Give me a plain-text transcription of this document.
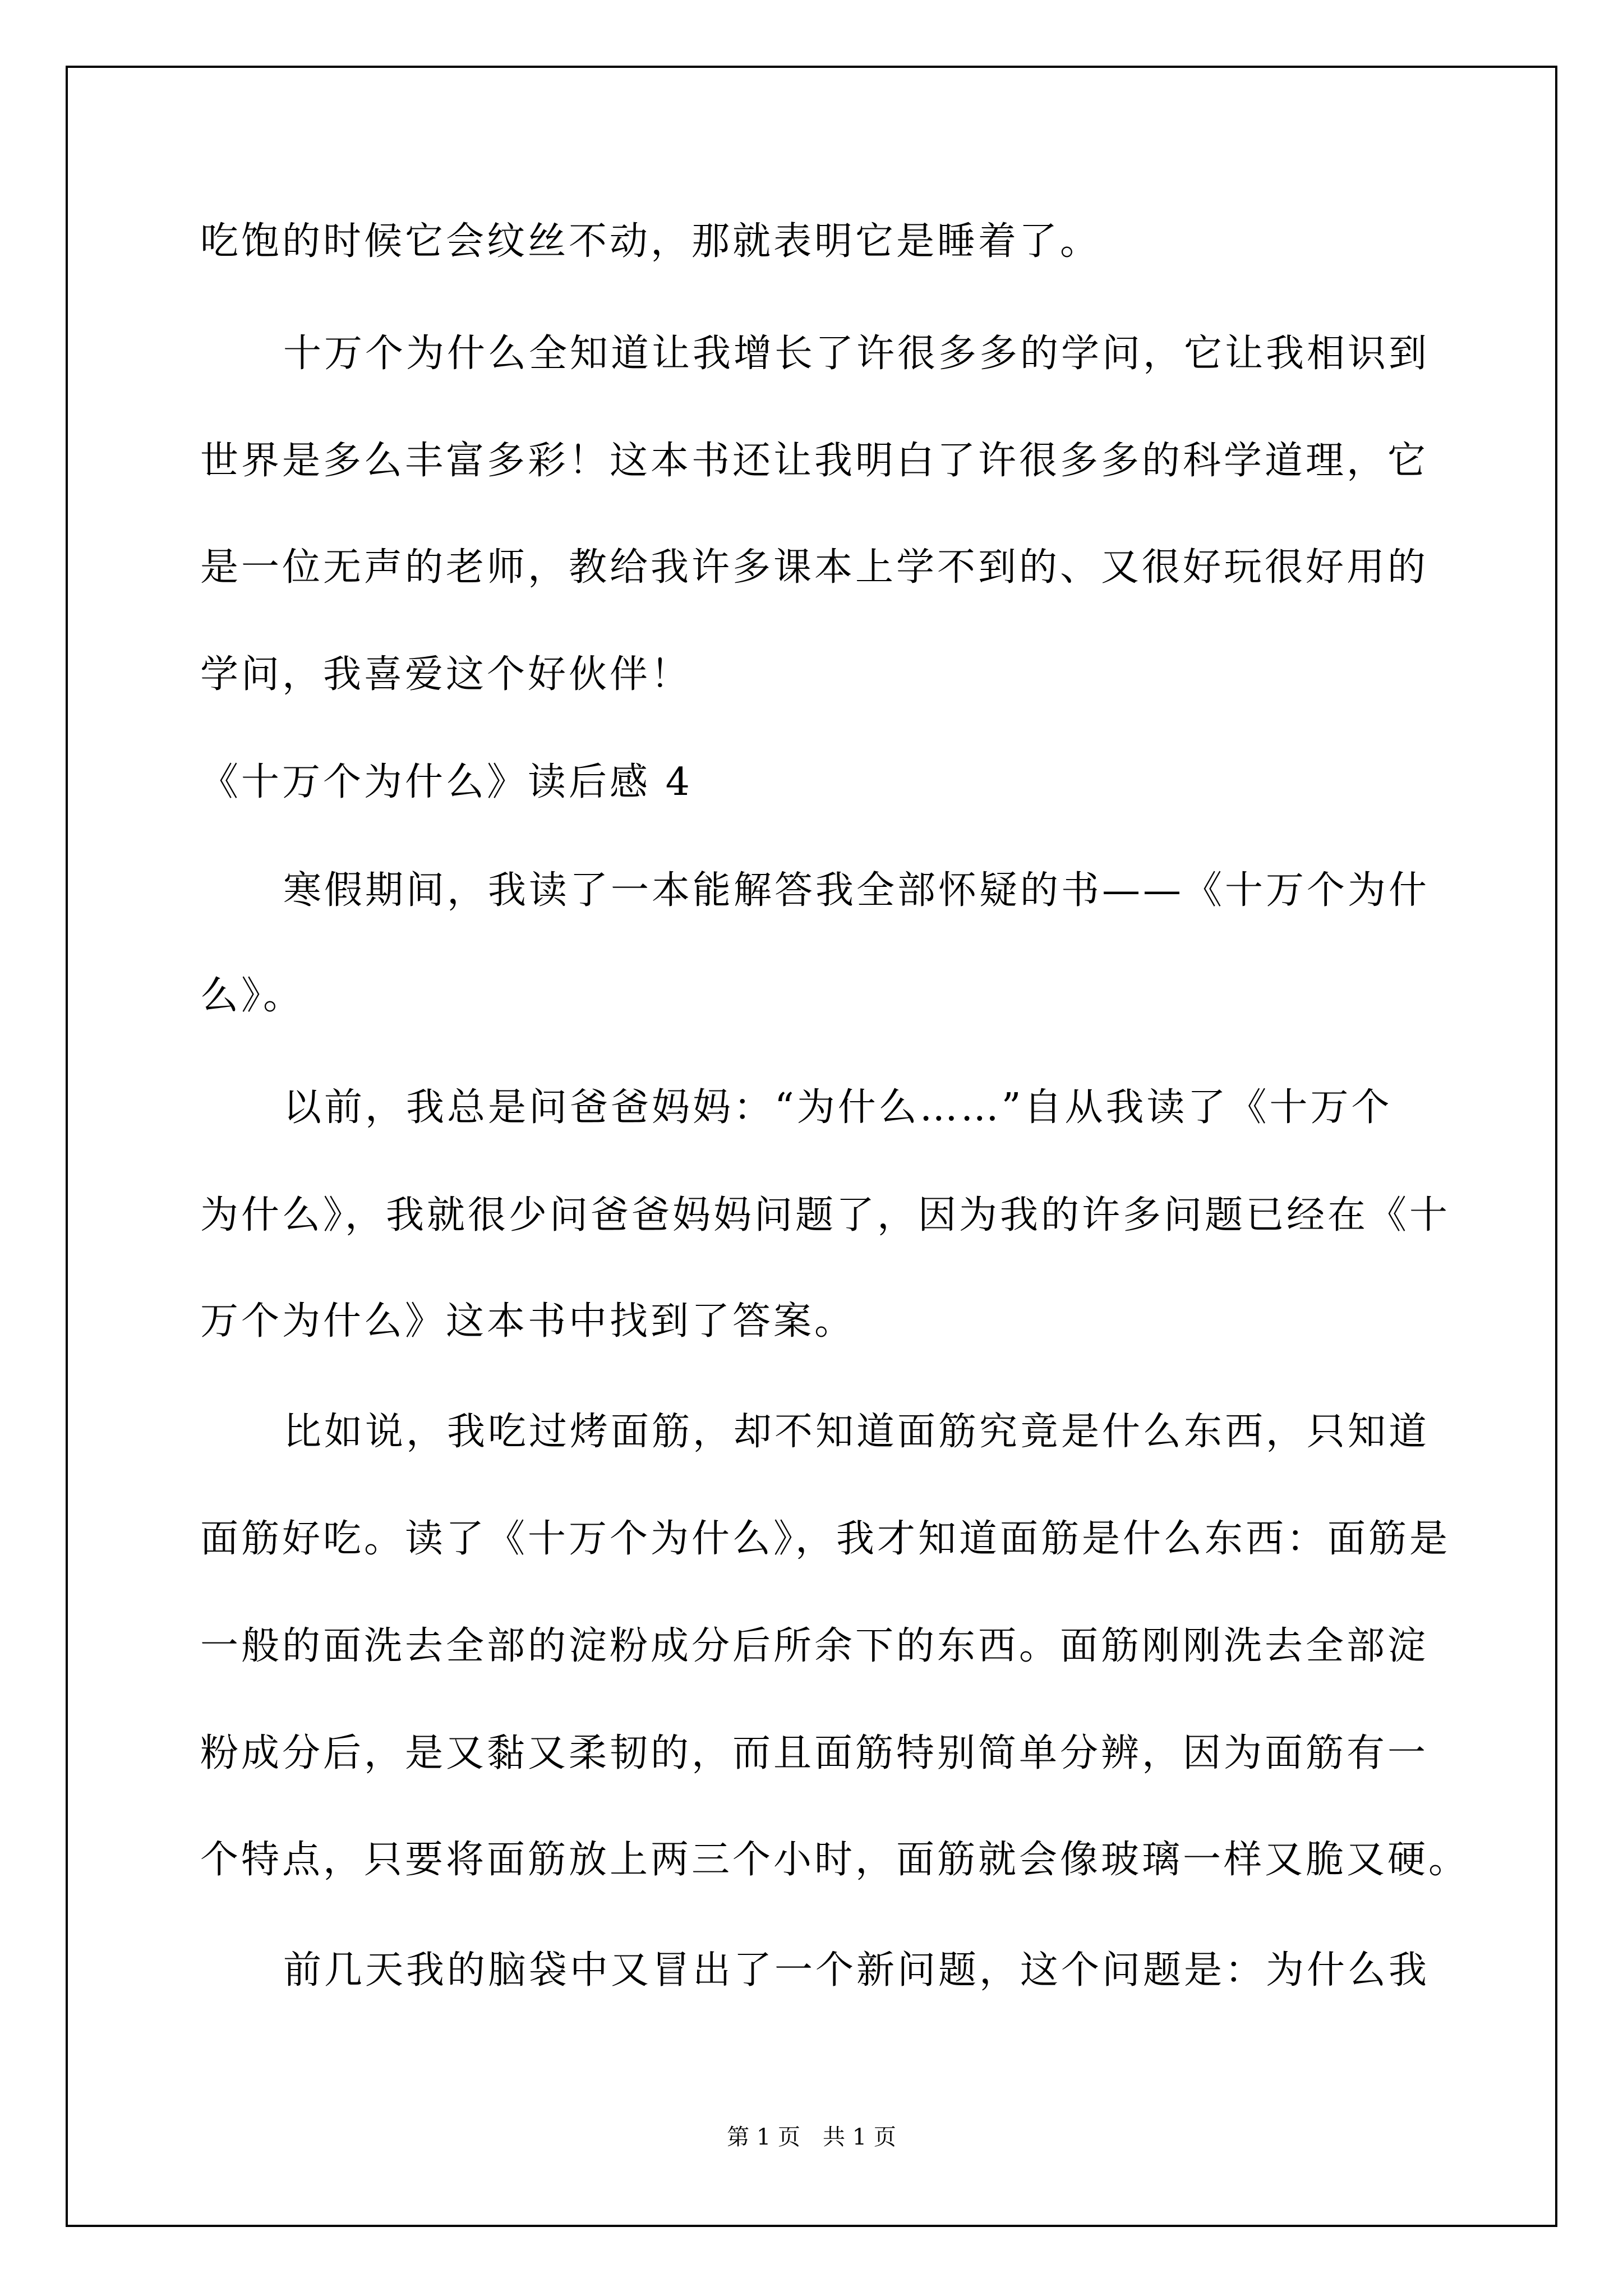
吃饱的时候它会纹丝不动，那就表明它是睡着了。
十万个为什么全知道让我增长了许很多多的学问，它让我相识到
世界是多么丰富多彩！这本书还让我明白了许很多多的科学道理，它
是一位无声的老师，教给我许多课本上学不到的、又很好玩很好用的
学问，我喜爱这个好伙伴！
《十万个为什么》读后感 4
寒假期间，我读了一本能解答我全部怀疑的书——《十万个为什
么》。
以前，我总是问爸爸妈妈：“为什么……”自从我读了《十万个
为什么》，我就很少问爸爸妈妈问题了，因为我的许多问题已经在《十
万个为什么》这本书中找到了答案。
比如说，我吃过烤面筋，却不知道面筋究竟是什么东西，只知道
面筋好吃。读了《十万个为什么》，我才知道面筋是什么东西：面筋是
一般的面洗去全部的淀粉成分后所余下的东西。面筋刚刚洗去全部淀
粉成分后，是又黏又柔韧的，而且面筋特别简单分辨，因为面筋有一
个特点，只要将面筋放上两三个小时，面筋就会像玻璃一样又脆又硬。
前几天我的脑袋中又冒出了一个新问题，这个问题是：为什么我
第 1 页　共 1 页
